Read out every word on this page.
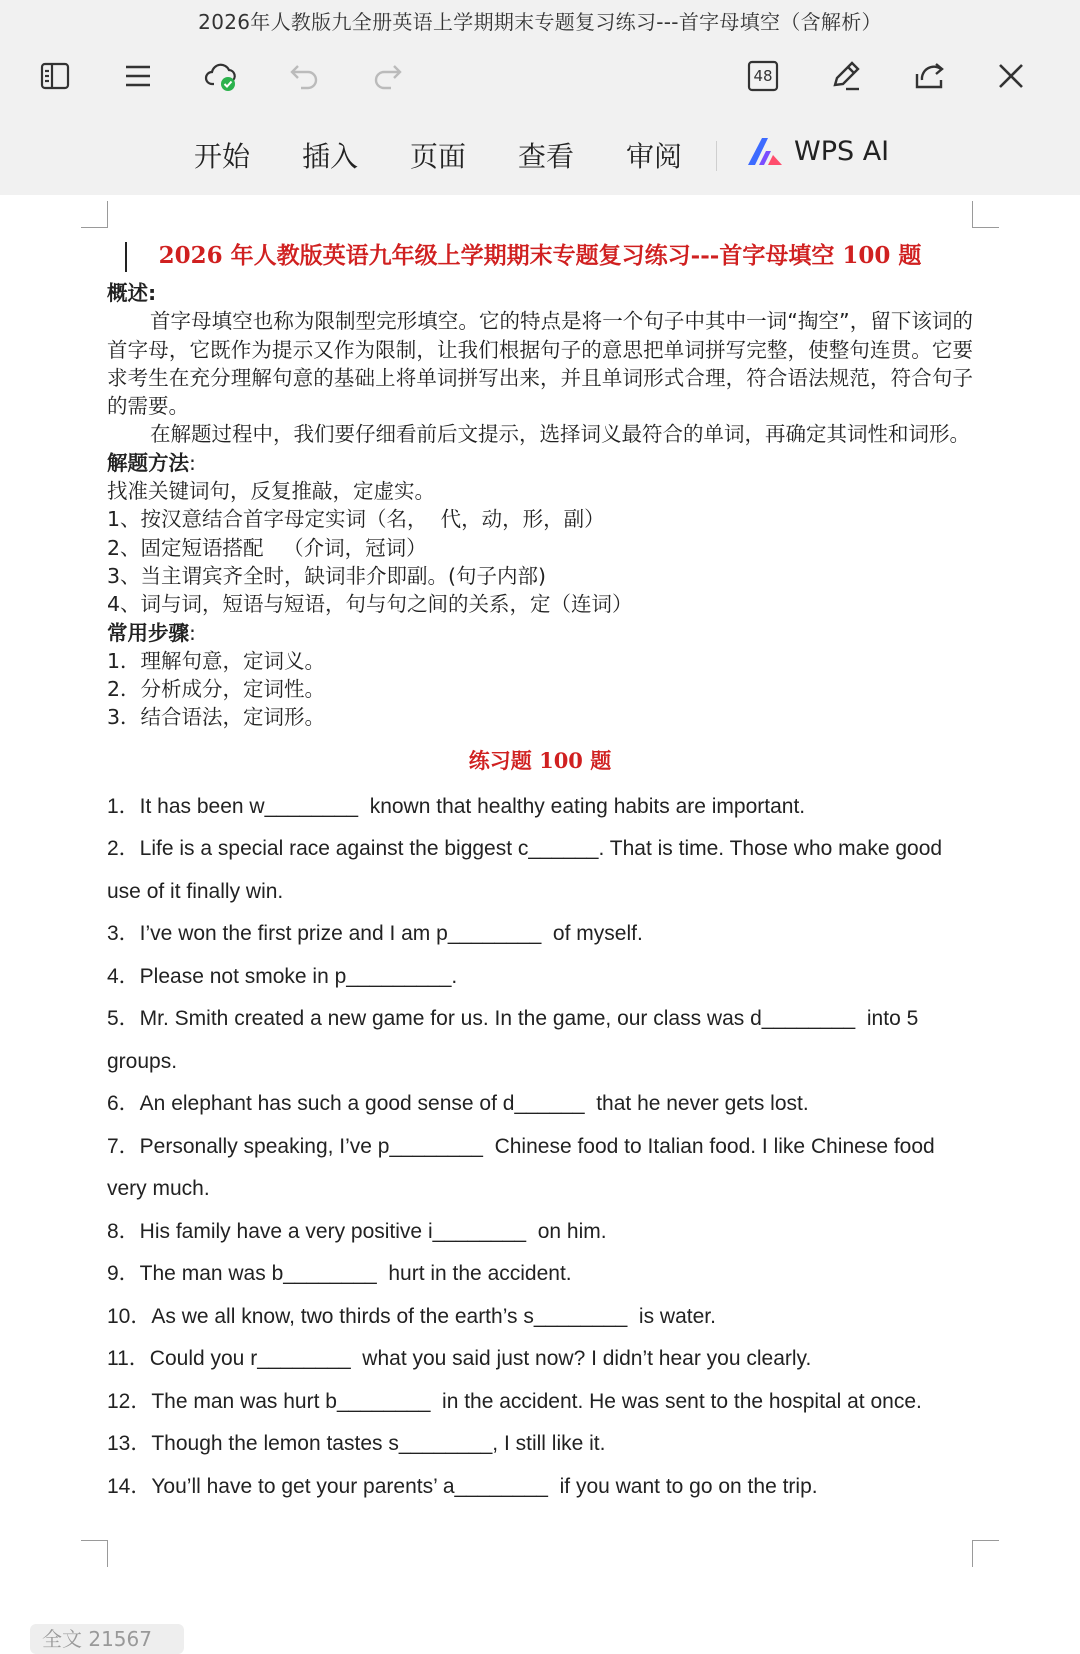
2026年人教版九全册英语上学期期末专题复习练习---首字母填空（含解析）
48
开始 插入 页面 查看 审阅	WPS AI
2026 年人教版英语九年级上学期期末专题复习练习---首字母填空 100 题
概述:
首字母填空也称为限制型完形填空。它的特点是将一个句子中其中一词“掏空”，留下该词的首字母，它既作为提示又作为限制，让我们根据句子的意思把单词拼写完整，使整句连贯。它要求考生在充分理解句意的基础上将单词拼写出来，并且单词形式合理，符合语法规范，符合句子的需要。
在解题过程中，我们要仔细看前后文提示，选择词义最符合的单词，再确定其词性和词形。
解题方法:
找准关键词句，反复推敲，定虚实。
1、按汉意结合首字母定实词（名，  代，动，形，副）
2、固定短语搭配   （介词，冠词）
3、当主谓宾齐全时，缺词非介即副。(句子内部)
4、词与词，短语与短语，句与句之间的关系，定（连词）
常用步骤:
1．理解句意，定词义。
2．分析成分，定词性。
3．结合语法，定词形。
练习题 100 题
1．It has been w________  known that healthy eating habits are important.
2．Life is a special race against the biggest c______. That is time. Those who make good use of it finally win.
3．I’ve won the first prize and I am p________  of myself.
4．Please not smoke in p_________.
5．Mr. Smith created a new game for us. In the game, our class was d________  into 5 groups.
6．An elephant has such a good sense of d______  that he never gets lost.
7．Personally speaking, I’ve p________  Chinese food to Italian food. I like Chinese food very much.
8．His family have a very positive i________  on him.
9．The man was b________  hurt in the accident.
10．As we all know, two thirds of the earth’s s________  is water.
11．Could you r________  what you said just now? I didn’t hear you clearly.
12．The man was hurt b________  in the accident. He was sent to the hospital at once.
13．Though the lemon tastes s________, I still like it.
14．You’ll have to get your parents’ a________  if you want to go on the trip.
全文 21567
